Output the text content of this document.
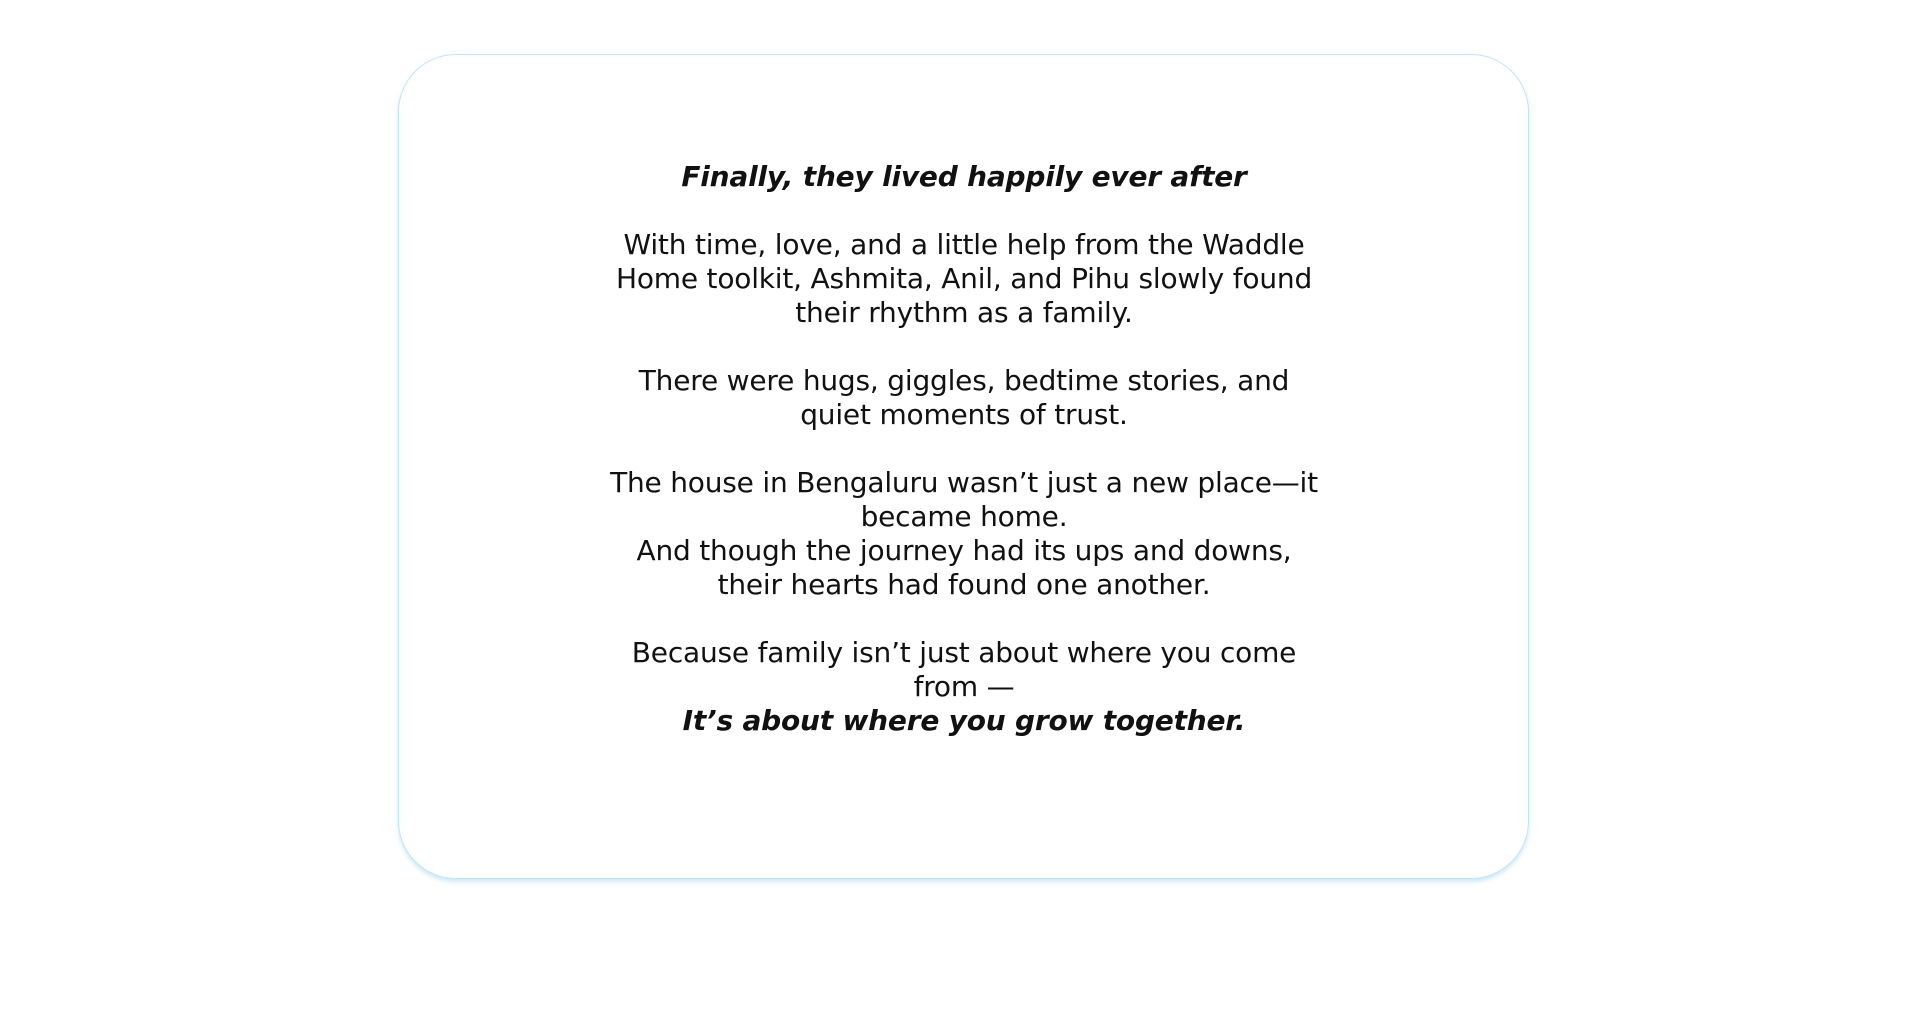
Finally, they lived happily ever after

With time, love, and a little help from the Waddle Home toolkit, Ashmita, Anil, and Pihu slowly found their rhythm as a family.

There were hugs, giggles, bedtime stories, and quiet moments of trust.

The house in Bengaluru wasn’t just a new place—it became home.

And though the journey had its ups and downs, their hearts had found one another.

Because family isn’t just about where you come from —

It’s about where you grow together.
